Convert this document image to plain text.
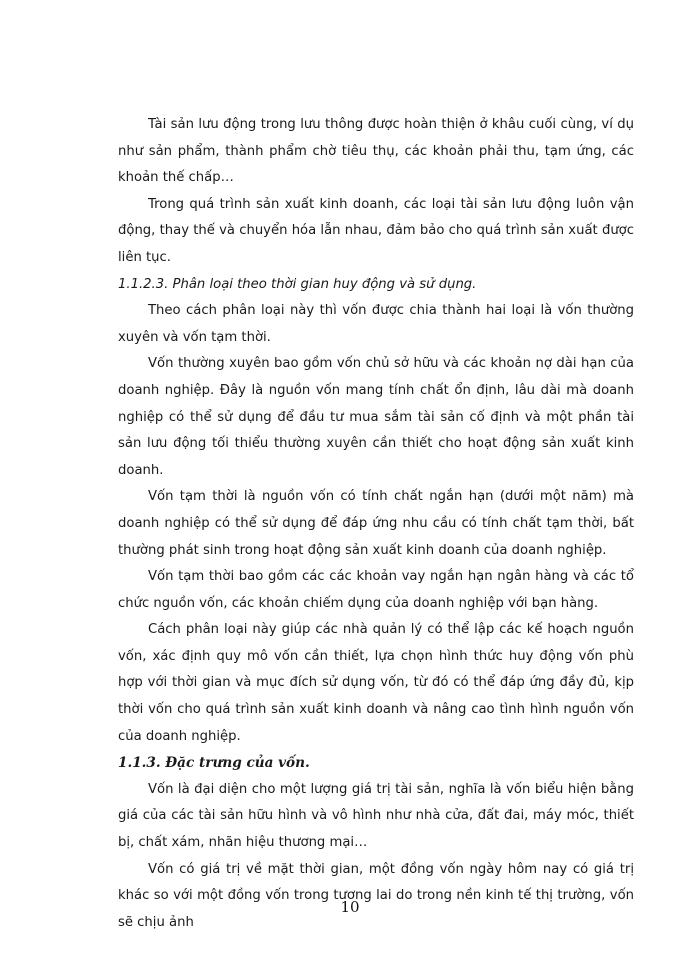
Tài sản lưu động trong lưu thông được hoàn thiện ở khâu cuối cùng, ví dụ như sản phẩm, thành phẩm chờ tiêu thụ, các khoản phải thu, tạm ứng, các khoản thế chấp…

Trong quá trình sản xuất kinh doanh, các loại tài sản lưu động luôn vận động, thay thế và chuyển hóa lẫn nhau, đảm bảo cho quá trình sản xuất được liên tục.

1.1.2.3. Phân loại theo thời gian huy động và sử dụng.

Theo cách phân loại này thì vốn được chia thành hai loại là vốn thường xuyên và vốn tạm thời.

Vốn thường xuyên bao gồm vốn chủ sở hữu và các khoản nợ dài hạn của doanh nghiệp. Đây là nguồn vốn mang tính chất ổn định, lâu dài mà doanh nghiệp có thể sử dụng để đầu tư mua sắm tài sản cố định và một phần tài sản lưu động tối thiểu thường xuyên cần thiết cho hoạt động sản xuất kinh doanh.

Vốn tạm thời là nguồn vốn có tính chất ngắn hạn (dưới một năm) mà doanh nghiệp có thể sử dụng để đáp ứng nhu cầu có tính chất tạm thời, bất thường phát sinh trong hoạt động sản xuất kinh doanh của doanh nghiệp.

Vốn tạm thời bao gồm các các khoản vay ngắn hạn ngân hàng và các tổ chức nguồn vốn, các khoản chiếm dụng của doanh nghiệp với bạn hàng.

Cách phân loại này giúp các nhà quản lý có thể lập các kế hoạch nguồn vốn, xác định quy mô vốn cần thiết, lựa chọn hình thức huy động vốn phù hợp với thời gian và mục đích sử dụng vốn, từ đó có thể đáp ứng đầy đủ, kịp thời vốn cho quá trình sản xuất kinh doanh và nâng cao tình hình nguồn vốn của doanh nghiệp.

1.1.3. Đặc trưng của vốn.

Vốn là đại diện cho một lượng giá trị tài sản, nghĩa là vốn biểu hiện bằng giá của các tài sản hữu hình và vô hình như nhà cửa, đất đai, máy móc, thiết bị, chất xám, nhãn hiệu thương mại…

Vốn có giá trị về mặt thời gian, một đồng vốn ngày hôm nay có giá trị khác so với một đồng vốn trong tương lai do trong nền kinh tế thị trường, vốn sẽ chịu ảnh

10
